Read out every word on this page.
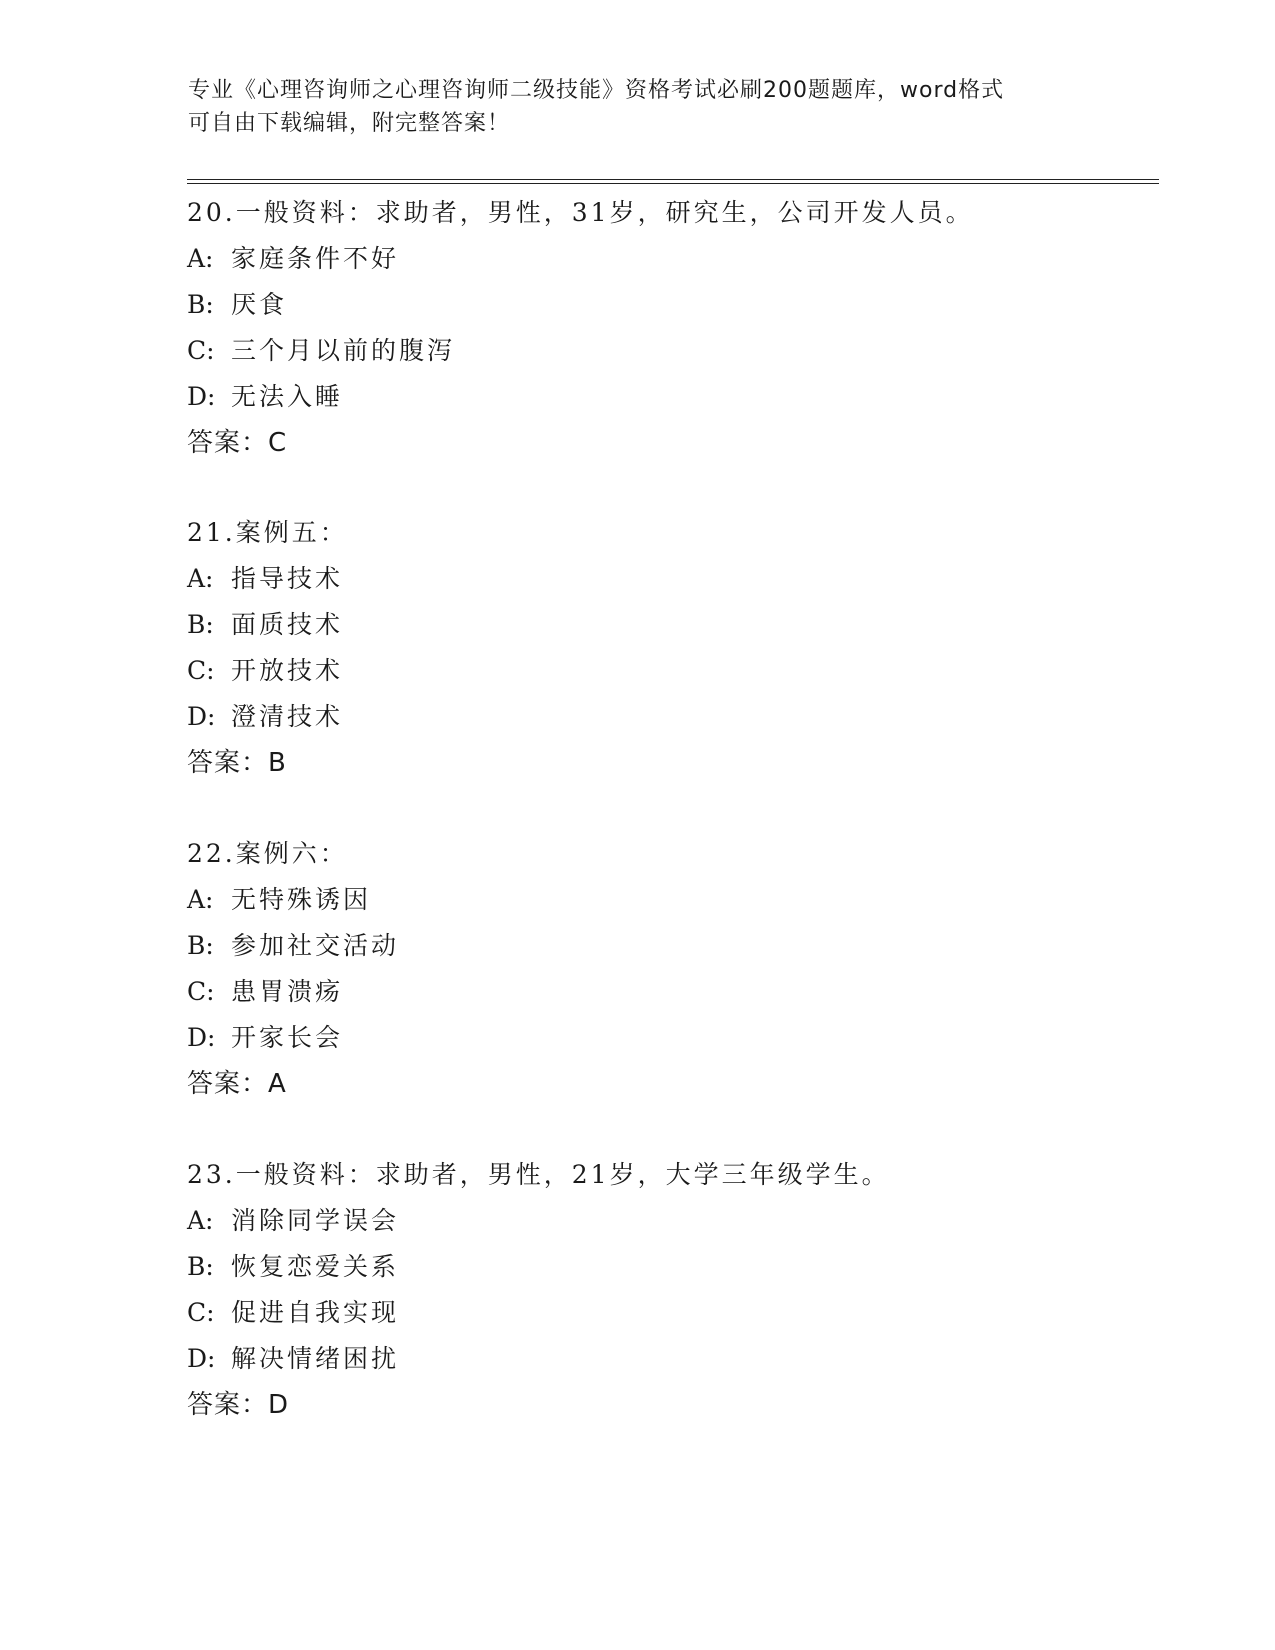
专业《心理咨询师之心理咨询师二级技能》资格考试必刷200题题库，word格式
可自由下载编辑，附完整答案！
20.一般资料：求助者，男性，31岁，研究生，公司开发人员。
A: 家庭条件不好
B: 厌食
C: 三个月以前的腹泻
D: 无法入睡
答案：C
21.案例五：
A: 指导技术
B: 面质技术
C: 开放技术
D: 澄清技术
答案：B
22.案例六：
A: 无特殊诱因
B: 参加社交活动
C: 患胃溃疡
D: 开家长会
答案：A
23.一般资料：求助者，男性，21岁，大学三年级学生。
A: 消除同学误会
B: 恢复恋爱关系
C: 促进自我实现
D: 解决情绪困扰
答案：D
